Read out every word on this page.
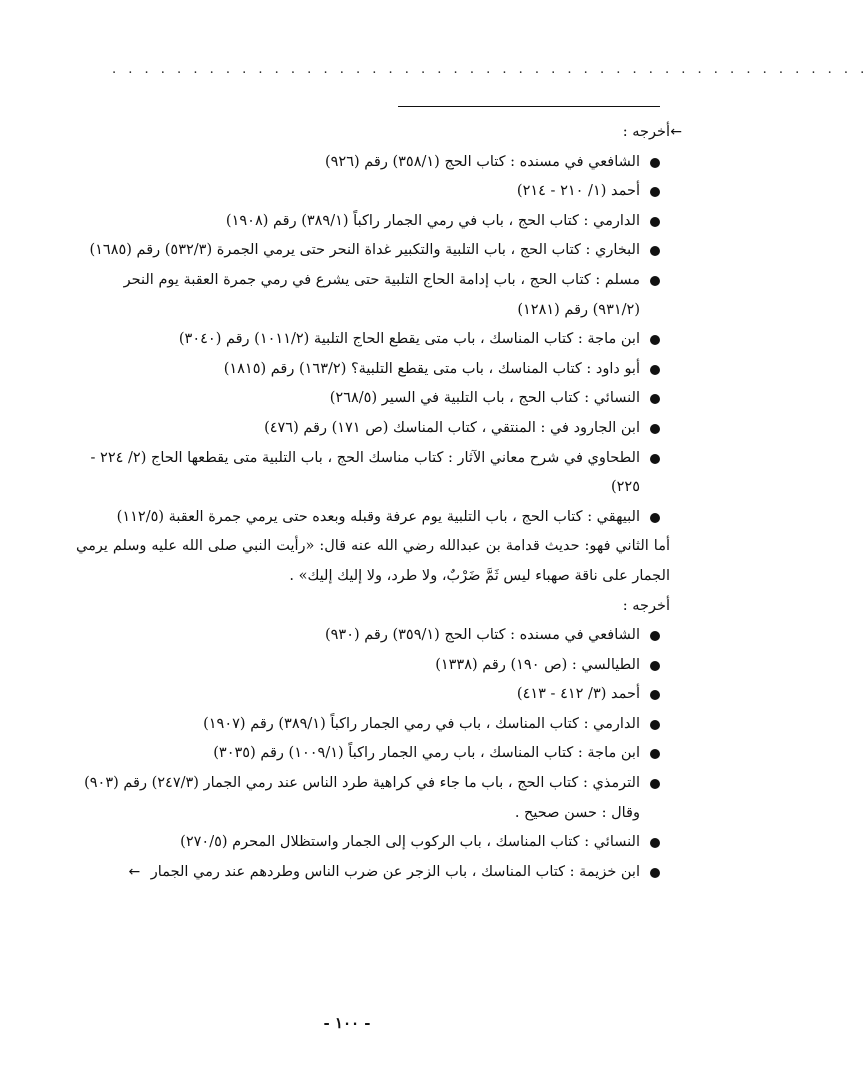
. . . . . . . . . . . . . . . . . . . . . . . . . . . . . . . . . . . . . . . . . . . . . . .
←
أخرجه :
الشافعي في مسنده : كتاب الحج (٣٥٨/١) رقم (٩٢٦)
أحمد (١/ ٢١٠ - ٢١٤)
الدارمي : كتاب الحج ، باب في رمي الجمار راكباً (٣٨٩/١) رقم (١٩٠٨)
البخاري : كتاب الحج ، باب التلبية والتكبير غداة النحر حتى يرمي الجمرة (٥٣٢/٣) رقم (١٦٨٥)
مسلم : كتاب الحج ، باب إدامة الحاج التلبية حتى يشرع في رمي جمرة العقبة يوم النحر (٩٣١/٢) رقم (١٢٨١)
ابن ماجة : كتاب المناسك ، باب متى يقطع الحاج التلبية (١٠١١/٢) رقم (٣٠٤٠)
أبو داود : كتاب المناسك ، باب متى يقطع التلبية؟ (١٦٣/٢) رقم (١٨١٥)
النسائي : كتاب الحج ، باب التلبية في السير (٢٦٨/٥)
ابن الجارود في : المنتقي ، كتاب المناسك (ص ١٧١) رقم (٤٧٦)
الطحاوي في شرح معاني الآثار : كتاب مناسك الحج ، باب التلبية متى يقطعها الحاج (٢/ ٢٢٤ - ٢٢٥)
البيهقي : كتاب الحج ، باب التلبية يوم عرفة وقبله وبعده حتى يرمي جمرة العقبة (١١٢/٥)
أما الثاني فهو: حديث قدامة بن عبدالله رضي الله عنه قال: «رأيت النبي صلى الله عليه وسلم يرمي الجمار على ناقة صهباء ليس ثَمَّ ضَرْبٌ، ولا طرد، ولا إليك إليك» .
أخرجه :
الشافعي في مسنده : كتاب الحج (٣٥٩/١) رقم (٩٣٠)
الطيالسي : (ص ١٩٠) رقم (١٣٣٨)
أحمد (٣/ ٤١٢ - ٤١٣)
الدارمي : كتاب المناسك ، باب في رمي الجمار راكباً (٣٨٩/١) رقم (١٩٠٧)
ابن ماجة : كتاب المناسك ، باب رمي الجمار راكباً (١٠٠٩/١) رقم (٣٠٣٥)
الترمذي : كتاب الحج ، باب ما جاء في كراهية طرد الناس عند رمي الجمار (٢٤٧/٣) رقم (٩٠٣) وقال : حسن صحيح .
النسائي : كتاب المناسك ، باب الركوب إلى الجمار واستظلال المحرم (٢٧٠/٥)
ابن خزيمة : كتاب المناسك ، باب الزجر عن ضرب الناس وطردهم عند رمي الجمار ←
- ١٠٠ -
